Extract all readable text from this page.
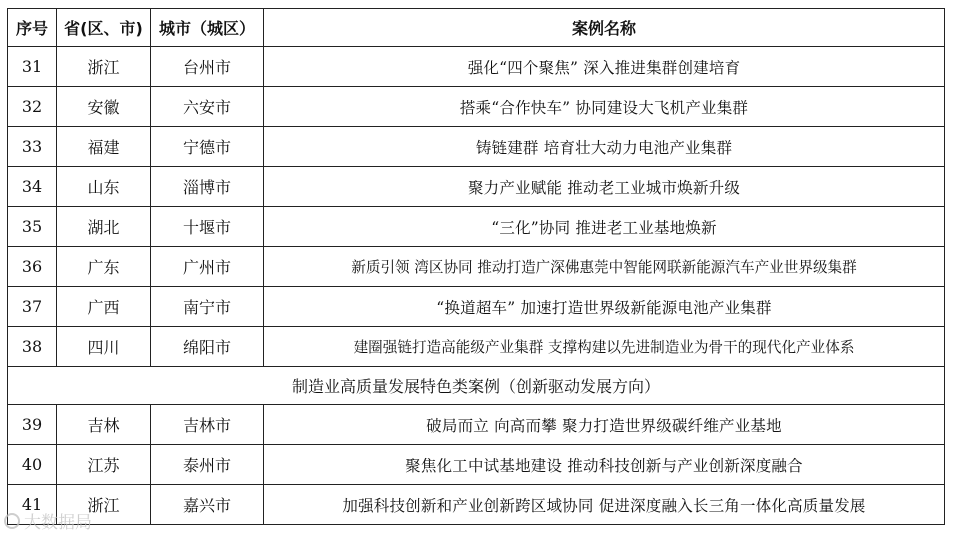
序号	省(区、市)	城市（城区）	案例名称
31	浙江	台州市	强化“四个聚焦” 深入推进集群创建培育
32	安徽	六安市	搭乘“合作快车” 协同建设大飞机产业集群
33	福建	宁德市	铸链建群 培育壮大动力电池产业集群
34	山东	淄博市	聚力产业赋能 推动老工业城市焕新升级
35	湖北	十堰市	“三化”协同 推进老工业基地焕新
36	广东	广州市	新质引领 湾区协同 推动打造广深佛惠莞中智能网联新能源汽车产业世界级集群
37	广西	南宁市	“换道超车” 加速打造世界级新能源电池产业集群
38	四川	绵阳市	建圈强链打造高能级产业集群 支撑构建以先进制造业为骨干的现代化产业体系
制造业高质量发展特色类案例（创新驱动发展方向）			
39	吉林	吉林市	破局而立 向高而攀 聚力打造世界级碳纤维产业基地
40	江苏	泰州市	聚焦化工中试基地建设 推动科技创新与产业创新深度融合
41	浙江	嘉兴市	加强科技创新和产业创新跨区域协同 促进深度融入长三角一体化高质量发展
大数据局
